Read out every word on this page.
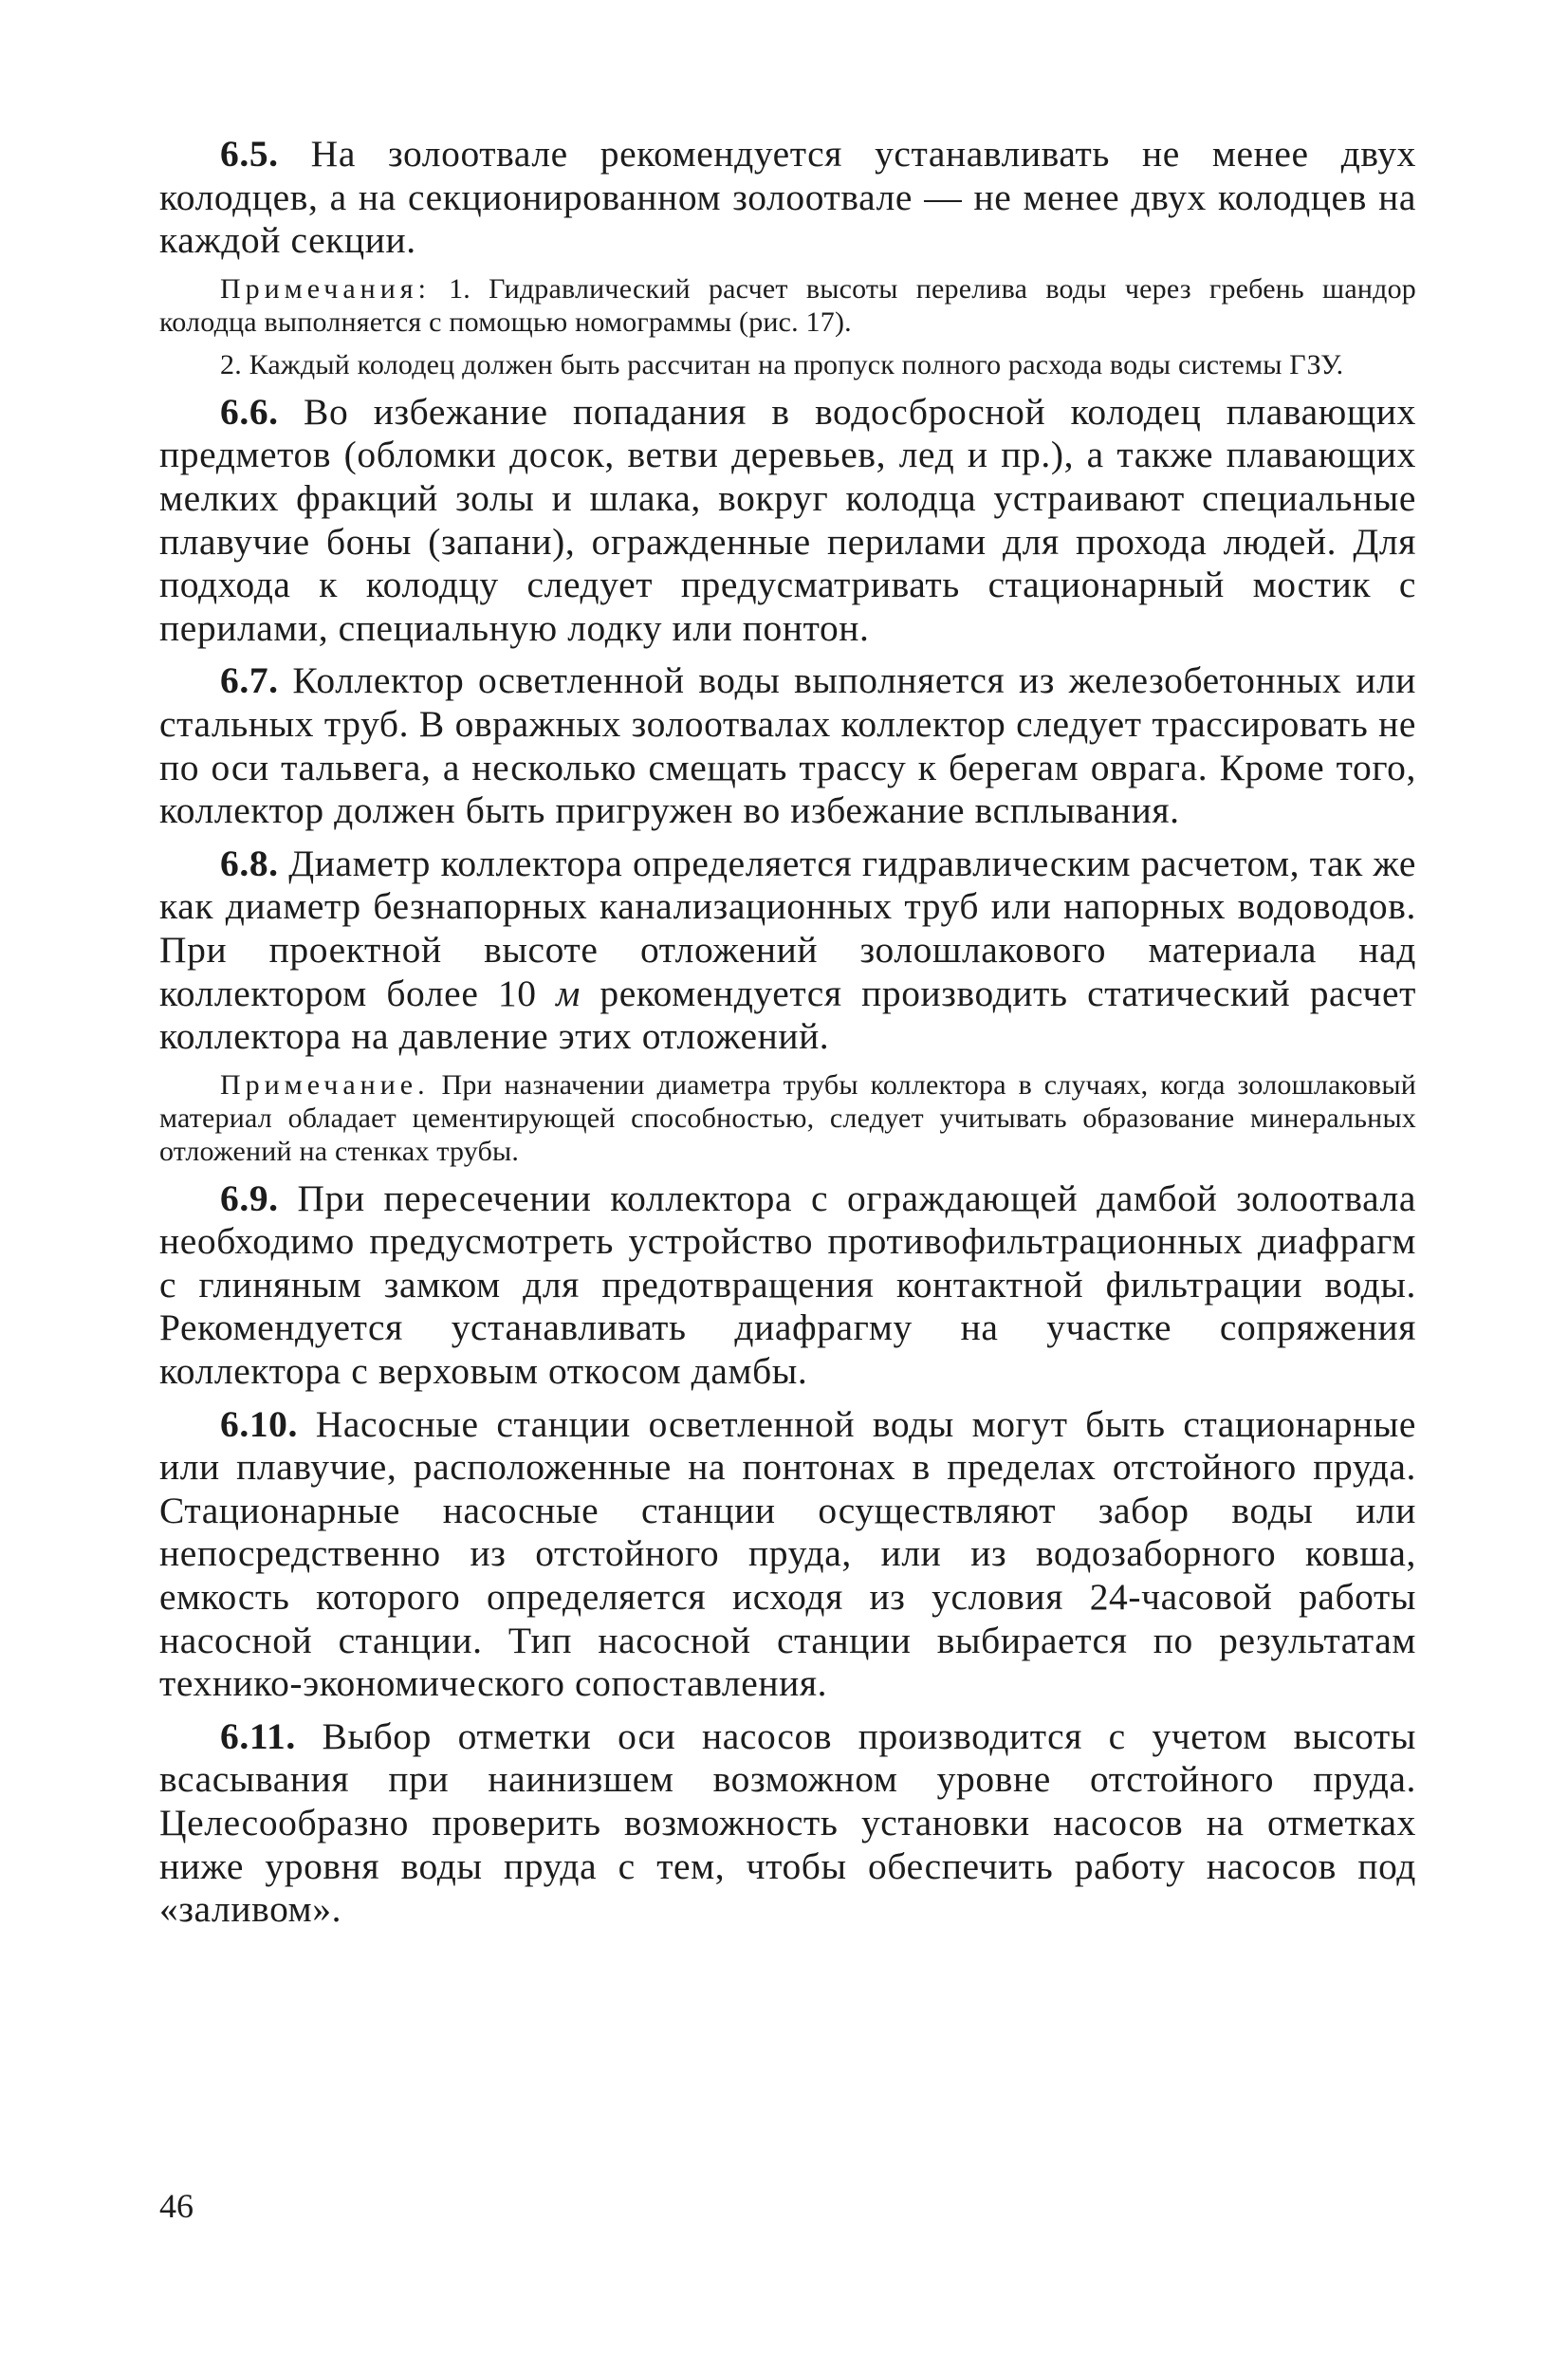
6.5. На золоотвале рекомендуется устанавливать не менее двух колодцев, а на секционированном золоотвале — не менее двух колодцев на каждой секции.

Примечания: 1. Гидравлический расчет высоты перелива воды через гребень шандор колодца выполняется с помощью номограммы (рис. 17).

2. Каждый колодец должен быть рассчитан на пропуск полного расхода воды системы ГЗУ.

6.6. Во избежание попадания в водосбросной колодец плавающих предметов (обломки досок, ветви деревьев, лед и пр.), а также плавающих мелких фракций золы и шлака, вокруг колодца устраивают специальные плавучие боны (запани), огражденные перилами для прохода людей. Для подхода к колодцу следует предусматривать стационарный мостик с перилами, специальную лодку или понтон.

6.7. Коллектор осветленной воды выполняется из железобетонных или стальных труб. В овражных золоотвалах коллектор следует трассировать не по оси тальвега, а несколько смещать трассу к берегам оврага. Кроме того, коллектор должен быть пригружен во избежание всплывания.

6.8. Диаметр коллектора определяется гидравлическим расчетом, так же как диаметр безнапорных канализационных труб или напорных водоводов. При проектной высоте отложений золошлакового материала над коллектором более 10 м рекомендуется производить статический расчет коллектора на давление этих отложений.

Примечание. При назначении диаметра трубы коллектора в случаях, когда золошлаковый материал обладает цементирующей способностью, следует учитывать образование минеральных отложений на стенках трубы.

6.9. При пересечении коллектора с ограждающей дамбой золоотвала необходимо предусмотреть устройство противофильтрационных диафрагм с глиняным замком для предотвращения контактной фильтрации воды. Рекомендуется устанавливать диафрагму на участке сопряжения коллектора с верховым откосом дамбы.

6.10. Насосные станции осветленной воды могут быть стационарные или плавучие, расположенные на понтонах в пределах отстойного пруда. Стационарные насосные станции осуществляют забор воды или непосредственно из отстойного пруда, или из водозаборного ковша, емкость которого определяется исходя из условия 24-часовой работы насосной станции. Тип насосной станции выбирается по результатам технико-экономического сопоставления.

6.11. Выбор отметки оси насосов производится с учетом высоты всасывания при наинизшем возможном уровне отстойного пруда. Целесообразно проверить возможность установки насосов на отметках ниже уровня воды пруда с тем, чтобы обеспечить работу насосов под «заливом».

46
